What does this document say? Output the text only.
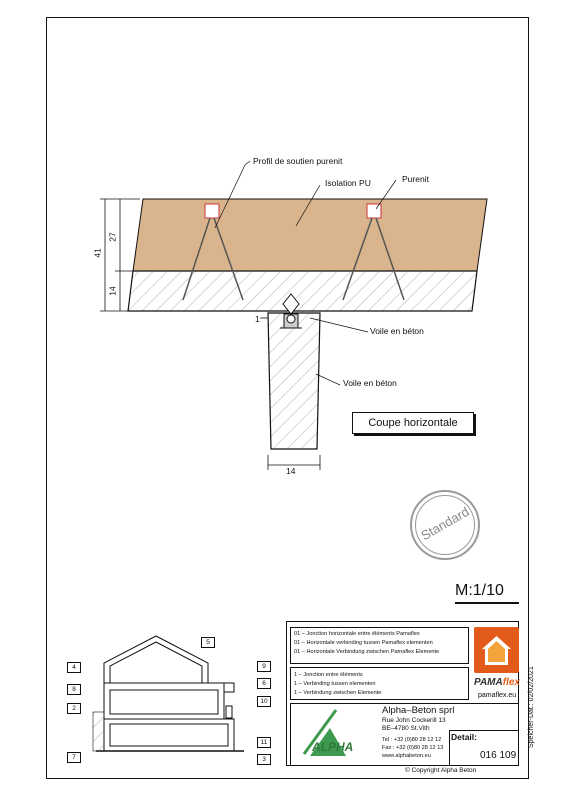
Profil de soutien purenit
Isolation PU	Purenit
Voile en béton
Voile en béton
41
27
14
1
14
Coupe horizontale
Standard
M:1/10
4
5
9
8
6
2
10
11
7	3
01 – Jonction horizontale entre éléments Pamaflex
01 – Horizontale verbinding tussen Pamaflex elementen
01 – Horizontale Verbindung zwischen Pamaflex Elemente
1 – Jonction entre éléments
1 – Verbinding tussen elementen
1 – Verbindung zwischen Elemente
PAMAflex
pamaflex.eu
ALPHA
Alpha–Beton sprl
Rue John Cockerill 13
BE–4780 St.Vith
Tel : +32 (0)80 28 12 12
Fax : +32 (0)80 28 12 13
www.alphabeton.eu
Detail:
016 109
Speicher-Dat.: 02/02/2021
© Copyright Alpha Beton
